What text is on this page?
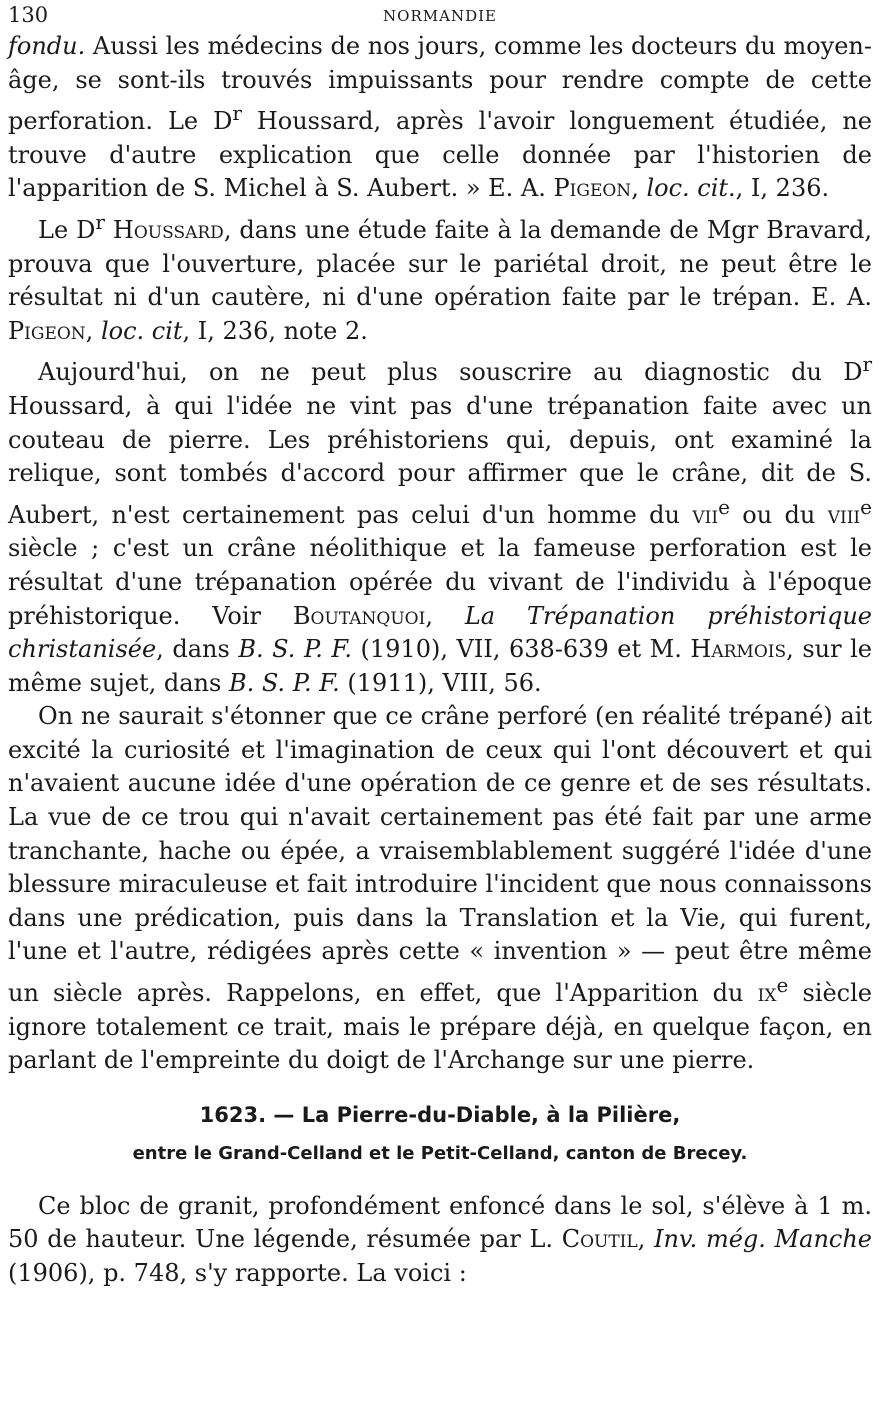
130	NORMANDIE

fondu. Aussi les médecins de nos jours, comme les docteurs du moyen-âge, se sont-ils trouvés impuissants pour rendre compte de cette perforation. Le $D^r$ Houssard, après l'avoir longuement étudiée, ne trouve d'autre explication que celle donnée par l'historien de l'apparition de S. Michel à S. Aubert. » E. A. Pigeon, loc. cit., I, 236.

Le $D^r$ Houssard, dans une étude faite à la demande de Mgr Bravard, prouva que l'ouverture, placée sur le pariétal droit, ne peut être le résultat ni d'un cautère, ni d'une opération faite par le trépan. E. A. Pigeon, loc. cit, I, 236, note 2.

Aujourd'hui, on ne peut plus souscrire au diagnostic du $D^r$ Houssard, à qui l'idée ne vint pas d'une trépanation faite avec un couteau de pierre. Les préhistoriens qui, depuis, ont examiné la relique, sont tombés d'accord pour affirmer que le crâne, dit de S. Aubert, n'est certainement pas celui d'un homme du vii$^e$ ou du viii$^e$ siècle ; c'est un crâne néolithique et la fameuse perforation est le résultat d'une trépanation opérée du vivant de l'individu à l'époque préhistorique. Voir Boutanquoi, La Trépanation préhistorique christanisée, dans B. S. P. F. (1910), VII, 638-639 et M. Harmois, sur le même sujet, dans B. S. P. F. (1911), VIII, 56.

On ne saurait s'étonner que ce crâne perforé (en réalité trépané) ait excité la curiosité et l'imagination de ceux qui l'ont découvert et qui n'avaient aucune idée d'une opération de ce genre et de ses résultats. La vue de ce trou qui n'avait certainement pas été fait par une arme tranchante, hache ou épée, a vraisemblablement suggéré l'idée d'une blessure miraculeuse et fait introduire l'incident que nous connaissons dans une prédication, puis dans la Translation et la Vie, qui furent, l'une et l'autre, rédigées après cette « invention » — peut être même un siècle après. Rappelons, en effet, que l'Apparition du $ix^e$ siècle ignore totalement ce trait, mais le prépare déjà, en quelque façon, en parlant de l'empreinte du doigt de l'Archange sur une pierre.

1623. — La Pierre-du-Diable, à la Pilière,
entre le Grand-Celland et le Petit-Celland, canton de Brecey.

Ce bloc de granit, profondément enfoncé dans le sol, s'élève à 1 m. 50 de hauteur. Une légende, résumée par L. Coutil, Inv. még. Manche (1906), p. 748, s'y rapporte. La voici :
